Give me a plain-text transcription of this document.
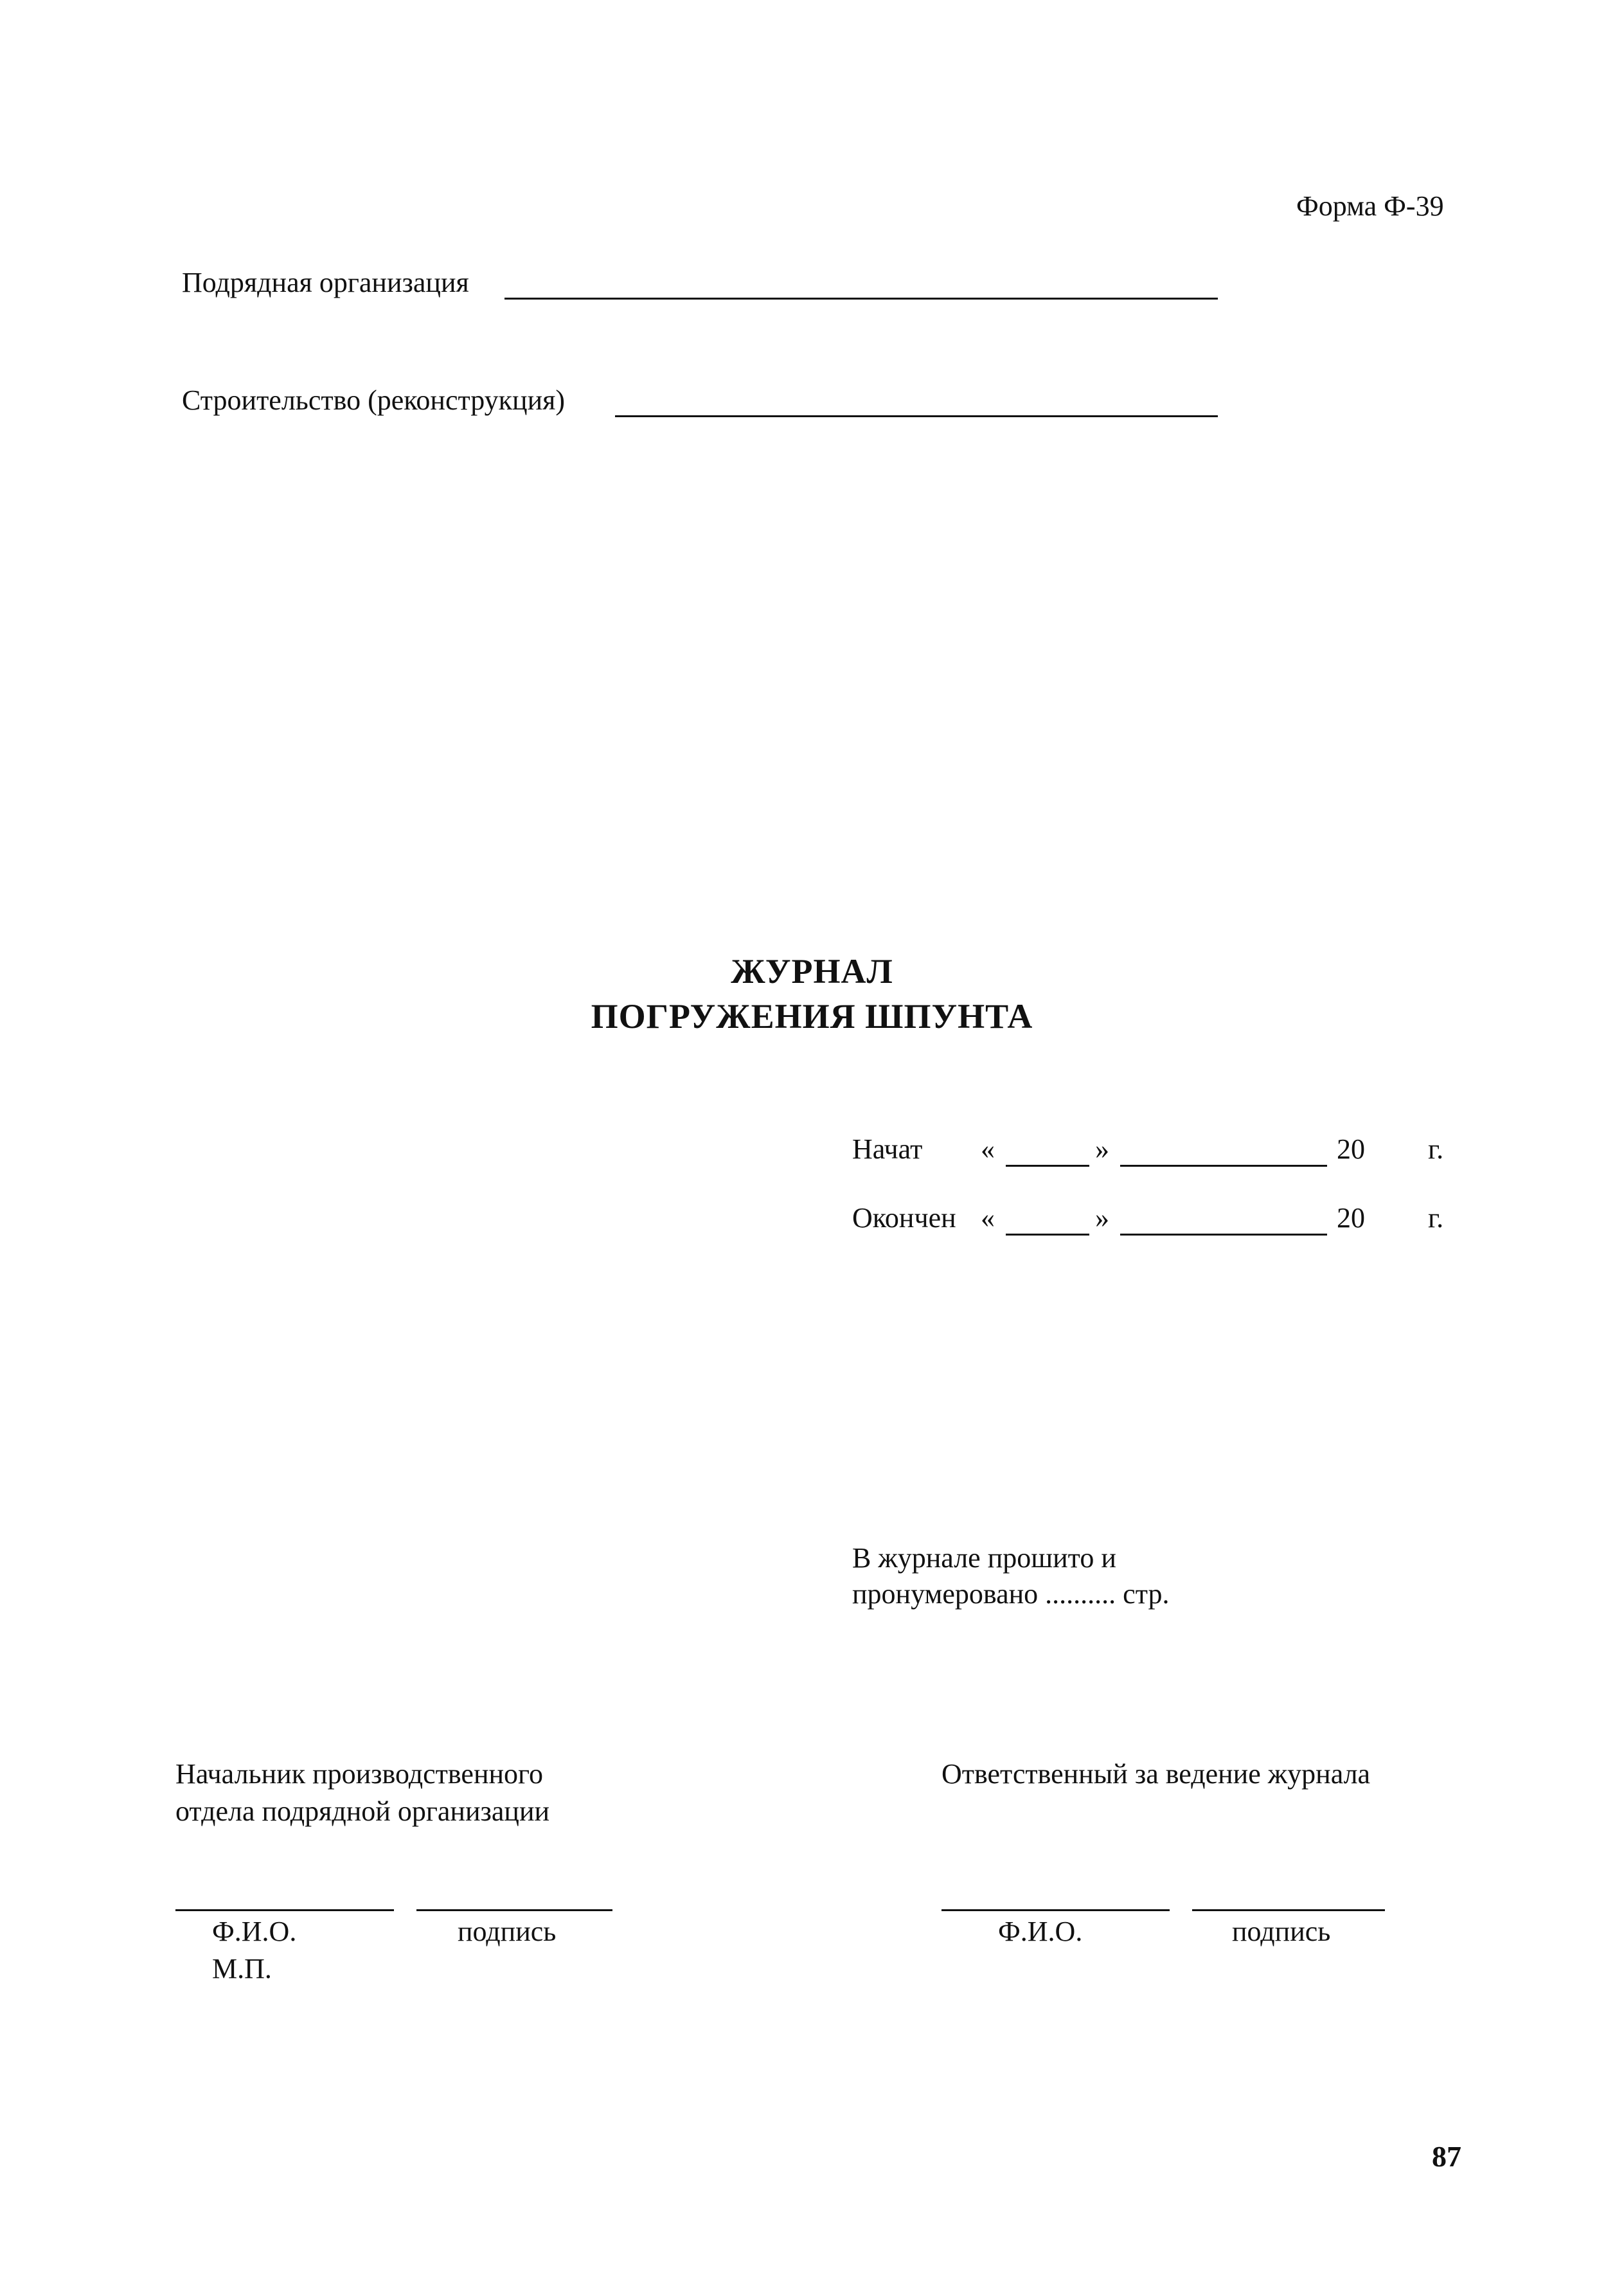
Форма Ф-39
Подрядная организация
Строительство (реконструкция)
ЖУРНАЛ
ПОГРУЖЕНИЯ ШПУНТА
Начат «	»	20 г.
Окончен «	»	20 г.
В журнале прошито и
пронумеровано .......... стр.
Начальник производственного
отдела подрядной организации
Ф.И.О.	подпись
М.П.
Ответственный за ведение журнала
Ф.И.О.	подпись
87
